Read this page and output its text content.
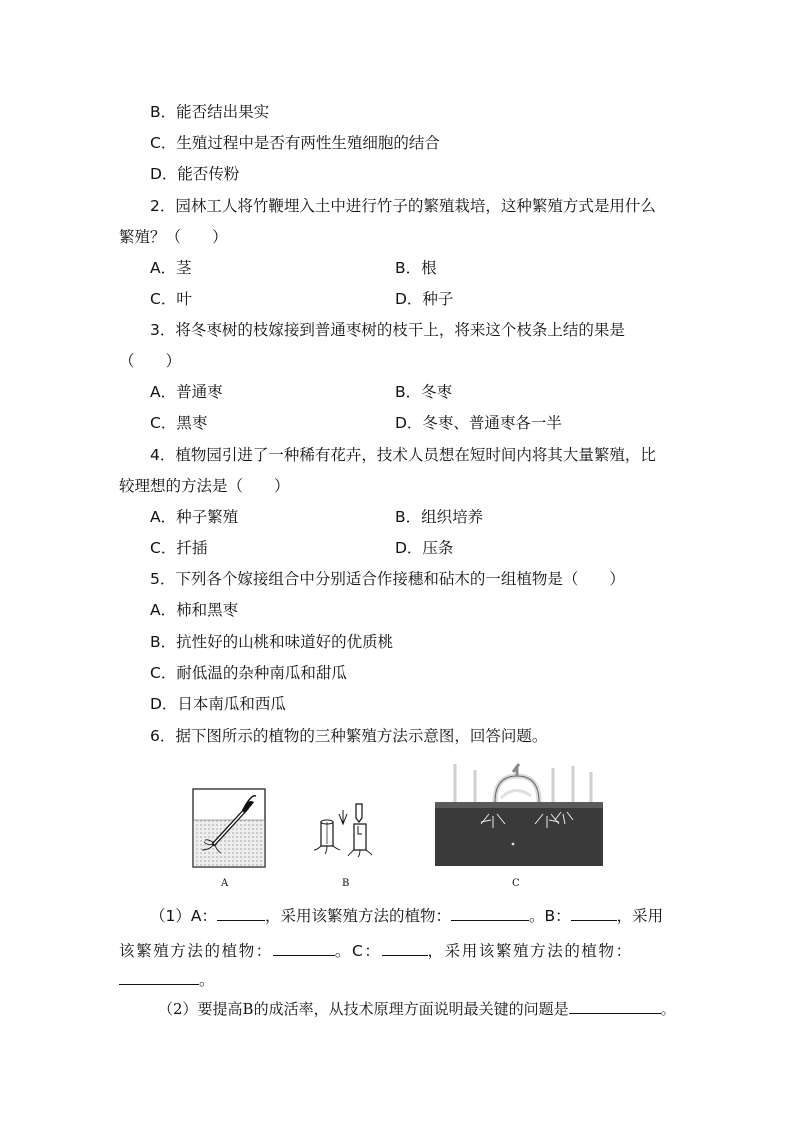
B．能否结出果实
C．生殖过程中是否有两性生殖细胞的结合
D．能否传粉
2．园林工人将竹鞭埋入土中进行竹子的繁殖栽培，这种繁殖方式是用什么
繁殖？（　　）
A．茎	B．根
C．叶	D．种子
3．将冬枣树的枝嫁接到普通枣树的枝干上，将来这个枝条上结的果是
（　　）
A．普通枣	B．冬枣
C．黑枣	D．冬枣、普通枣各一半
4．植物园引进了一种稀有花卉，技术人员想在短时间内将其大量繁殖，比
较理想的方法是（　　）
A．种子繁殖	B．组织培养
C．扦插	D．压条
5．下列各个嫁接组合中分别适合作接穗和砧木的一组植物是（　　）
A．柿和黑枣
B．抗性好的山桃和味道好的优质桃
C．耐低温的杂种南瓜和甜瓜
D．日本南瓜和西瓜
6．据下图所示的植物的三种繁殖方法示意图，回答问题。
A	B	C
（1）A：	，采用该繁殖方法的植物：	。B：	，采用
该繁殖方法的植物：	。C：	，采用该繁殖方法的植物：
。
（2）要提高B的成活率，从技术原理方面说明最关键的问题是	。
